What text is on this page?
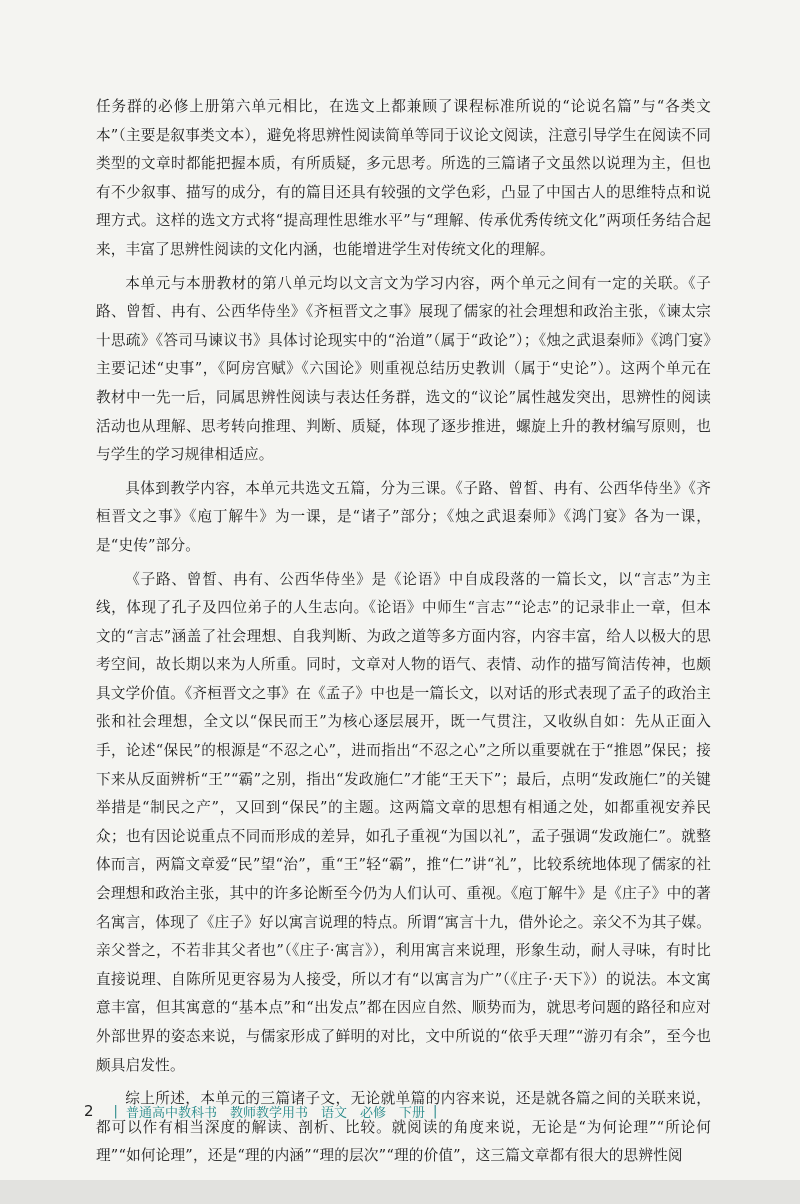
任务群的必修上册第六单元相比，在选文上都兼顾了课程标准所说的“论说名篇”与“各类文本”（主要是叙事类文本），避免将思辨性阅读简单等同于议论文阅读，注意引导学生在阅读不同类型的文章时都能把握本质，有所质疑，多元思考。所选的三篇诸子文虽然以说理为主，但也有不少叙事、描写的成分，有的篇目还具有较强的文学色彩，凸显了中国古人的思维特点和说理方式。这样的选文方式将“提高理性思维水平”与“理解、传承优秀传统文化”两项任务结合起来，丰富了思辨性阅读的文化内涵，也能增进学生对传统文化的理解。

本单元与本册教材的第八单元均以文言文为学习内容，两个单元之间有一定的关联。《子路、曾皙、冉有、公西华侍坐》《齐桓晋文之事》展现了儒家的社会理想和政治主张，《谏太宗十思疏》《答司马谏议书》具体讨论现实中的“治道”（属于“政论”）；《烛之武退秦师》《鸿门宴》主要记述“史事”，《阿房宫赋》《六国论》则重视总结历史教训（属于“史论”）。这两个单元在教材中一先一后，同属思辨性阅读与表达任务群，选文的“议论”属性越发突出，思辨性的阅读活动也从理解、思考转向推理、判断、质疑，体现了逐步推进，螺旋上升的教材编写原则，也与学生的学习规律相适应。

具体到教学内容，本单元共选文五篇，分为三课。《子路、曾皙、冉有、公西华侍坐》《齐桓晋文之事》《庖丁解牛》为一课，是“诸子”部分；《烛之武退秦师》《鸿门宴》各为一课，是“史传”部分。

《子路、曾皙、冉有、公西华侍坐》是《论语》中自成段落的一篇长文，以“言志”为主线，体现了孔子及四位弟子的人生志向。《论语》中师生“言志”“论志”的记录非止一章，但本文的“言志”涵盖了社会理想、自我判断、为政之道等多方面内容，内容丰富，给人以极大的思考空间，故长期以来为人所重。同时，文章对人物的语气、表情、动作的描写简洁传神，也颇具文学价值。《齐桓晋文之事》在《孟子》中也是一篇长文，以对话的形式表现了孟子的政治主张和社会理想，全文以“保民而王”为核心逐层展开，既一气贯注，又收纵自如：先从正面入手，论述“保民”的根源是“不忍之心”，进而指出“不忍之心”之所以重要就在于“推恩”保民；接下来从反面辨析“王”“霸”之别，指出“发政施仁”才能“王天下”；最后，点明“发政施仁”的关键举措是“制民之产”，又回到“保民”的主题。这两篇文章的思想有相通之处，如都重视安养民众；也有因论说重点不同而形成的差异，如孔子重视“为国以礼”，孟子强调“发政施仁”。就整体而言，两篇文章爱“民”望“治”，重“王”轻“霸”，推“仁”讲“礼”，比较系统地体现了儒家的社会理想和政治主张，其中的许多论断至今仍为人们认可、重视。《庖丁解牛》是《庄子》中的著名寓言，体现了《庄子》好以寓言说理的特点。所谓“寓言十九，借外论之。亲父不为其子媒。亲父誉之，不若非其父者也”（《庄子·寓言》），利用寓言来说理，形象生动，耐人寻味，有时比直接说理、自陈所见更容易为人接受，所以才有“以寓言为广”（《庄子·天下》）的说法。本文寓意丰富，但其寓意的“基本点”和“出发点”都在因应自然、顺势而为，就思考问题的路径和应对外部世界的姿态来说，与儒家形成了鲜明的对比，文中所说的“依乎天理”“游刃有余”，至今也颇具启发性。

综上所述，本单元的三篇诸子文，无论就单篇的内容来说，还是就各篇之间的关联来说，都可以作有相当深度的解读、剖析、比较。就阅读的角度来说，无论是“为何论理”“所论何理”“如何论理”，还是“理的内涵”“理的层次”“理的价值”，这三篇文章都有很大的思辨性阅

2 | 普通高中教科书　教师教学用书　语文　必修　下册 |
